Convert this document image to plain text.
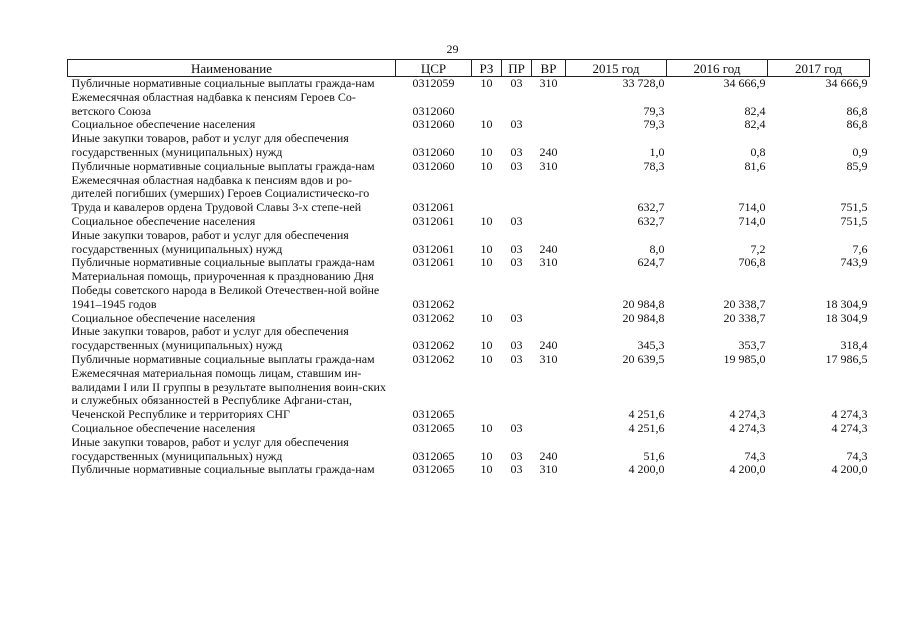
29
Наименование	ЦСР	РЗ	ПР	ВР	2015 год	2016 год	2017 год
Публичные нормативные социальные выплаты граждa-нам	0312059	10	03	310	33 728,0	34 666,9	34 666,9
Ежемесячная областная надбавка к пенсиям Героев Со-ветского Союза	0312060				79,3	82,4	86,8
Социальное обеспечение населения	0312060	10	03		79,3	82,4	86,8
Иные закупки товаров, работ и услуг для обеспечения государственных (муниципальных) нужд	0312060	10	03	240	1,0	0,8	0,9
Публичные нормативные социальные выплаты граждa-нам	0312060	10	03	310	78,3	81,6	85,9
Ежемесячная областная надбавка к пенсиям вдов и ро-дителей погибших (умерших) Героев Социалистическо-го Труда и кавалеров ордена Трудовой Славы 3-х степе-ней	0312061				632,7	714,0	751,5
Социальное обеспечение населения	0312061	10	03		632,7	714,0	751,5
Иные закупки товаров, работ и услуг для обеспечения государственных (муниципальных) нужд	0312061	10	03	240	8,0	7,2	7,6
Публичные нормативные социальные выплаты граждa-нам	0312061	10	03	310	624,7	706,8	743,9
Материальная помощь, приуроченная к празднованию Дня Победы советского народа в Великой Отечествен-ной войне 1941–1945 годов	0312062				20 984,8	20 338,7	18 304,9
Социальное обеспечение населения	0312062	10	03		20 984,8	20 338,7	18 304,9
Иные закупки товаров, работ и услуг для обеспечения государственных (муниципальных) нужд	0312062	10	03	240	345,3	353,7	318,4
Публичные нормативные социальные выплаты граждa-нам	0312062	10	03	310	20 639,5	19 985,0	17 986,5
Ежемесячная материальная помощь лицам, ставшим ин-валидами I или II группы в результате выполнения воин-ских и служебных обязанностей в Республике Афгани-стан, Чеченской Республике и территориях СНГ	0312065				4 251,6	4 274,3	4 274,3
Социальное обеспечение населения	0312065	10	03		4 251,6	4 274,3	4 274,3
Иные закупки товаров, работ и услуг для обеспечения государственных (муниципальных) нужд	0312065	10	03	240	51,6	74,3	74,3
Публичные нормативные социальные выплаты граждa-нам	0312065	10	03	310	4 200,0	4 200,0	4 200,0
